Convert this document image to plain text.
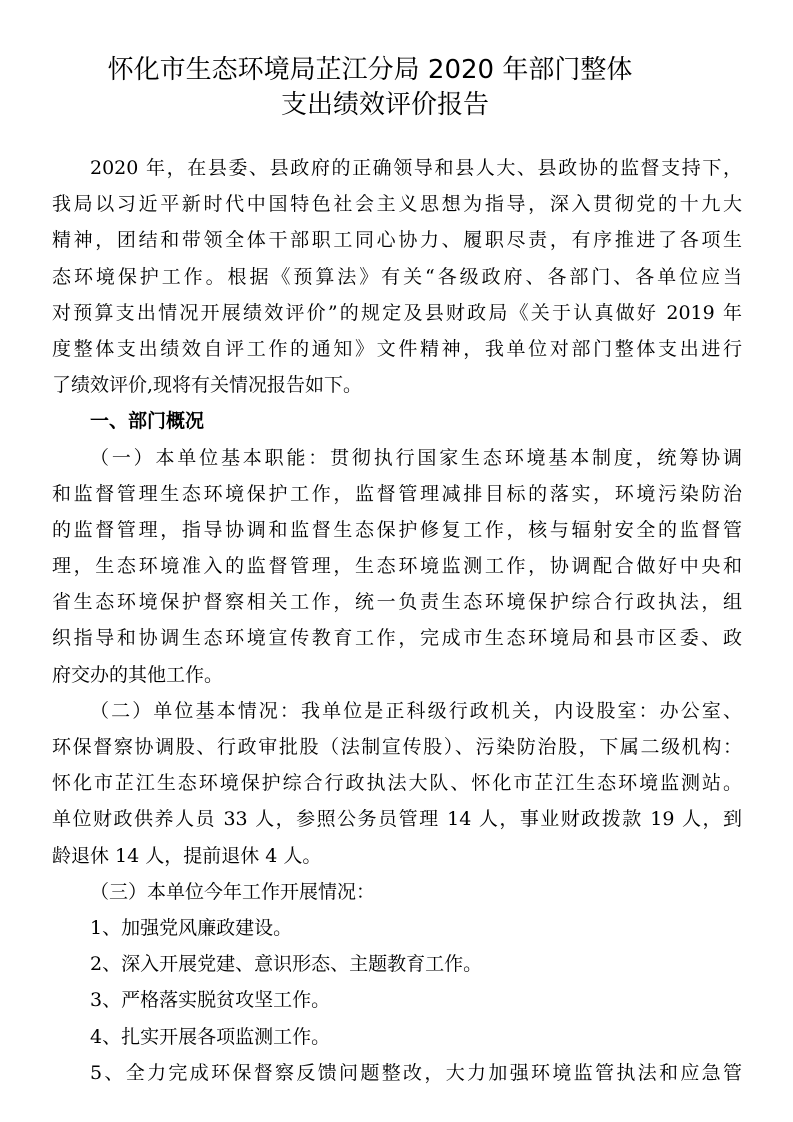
怀化市生态环境局芷江分局 2020 年部门整体
支出绩效评价报告
2020 年，在县委、县政府的正确领导和县人大、县政协的监督支持下，
我局以习近平新时代中国特色社会主义思想为指导，深入贯彻党的十九大
精神，团结和带领全体干部职工同心协力、履职尽责，有序推进了各项生
态环境保护工作。根据《预算法》有关“各级政府、各部门、各单位应当
对预算支出情况开展绩效评价”的规定及县财政局《关于认真做好 2019 年
度整体支出绩效自评工作的通知》文件精神，我单位对部门整体支出进行
了绩效评价,现将有关情况报告如下。
一、部门概况
（一）本单位基本职能：贯彻执行国家生态环境基本制度，统筹协调
和监督管理生态环境保护工作，监督管理减排目标的落实，环境污染防治
的监督管理，指导协调和监督生态保护修复工作，核与辐射安全的监督管
理，生态环境准入的监督管理，生态环境监测工作，协调配合做好中央和
省生态环境保护督察相关工作，统一负责生态环境保护综合行政执法，组
织指导和协调生态环境宣传教育工作，完成市生态环境局和县市区委、政
府交办的其他工作。
（二）单位基本情况：我单位是正科级行政机关，内设股室：办公室、
环保督察协调股、行政审批股（法制宣传股）、污染防治股，下属二级机构：
怀化市芷江生态环境保护综合行政执法大队、怀化市芷江生态环境监测站。
单位财政供养人员 33 人，参照公务员管理 14 人，事业财政拨款 19 人，到
龄退休 14 人，提前退休 4 人。
（三）本单位今年工作开展情况：
1、加强党风廉政建设。
2、深入开展党建、意识形态、主题教育工作。
3、严格落实脱贫攻坚工作。
4、扎实开展各项监测工作。
5、全力完成环保督察反馈问题整改，大力加强环境监管执法和应急管
